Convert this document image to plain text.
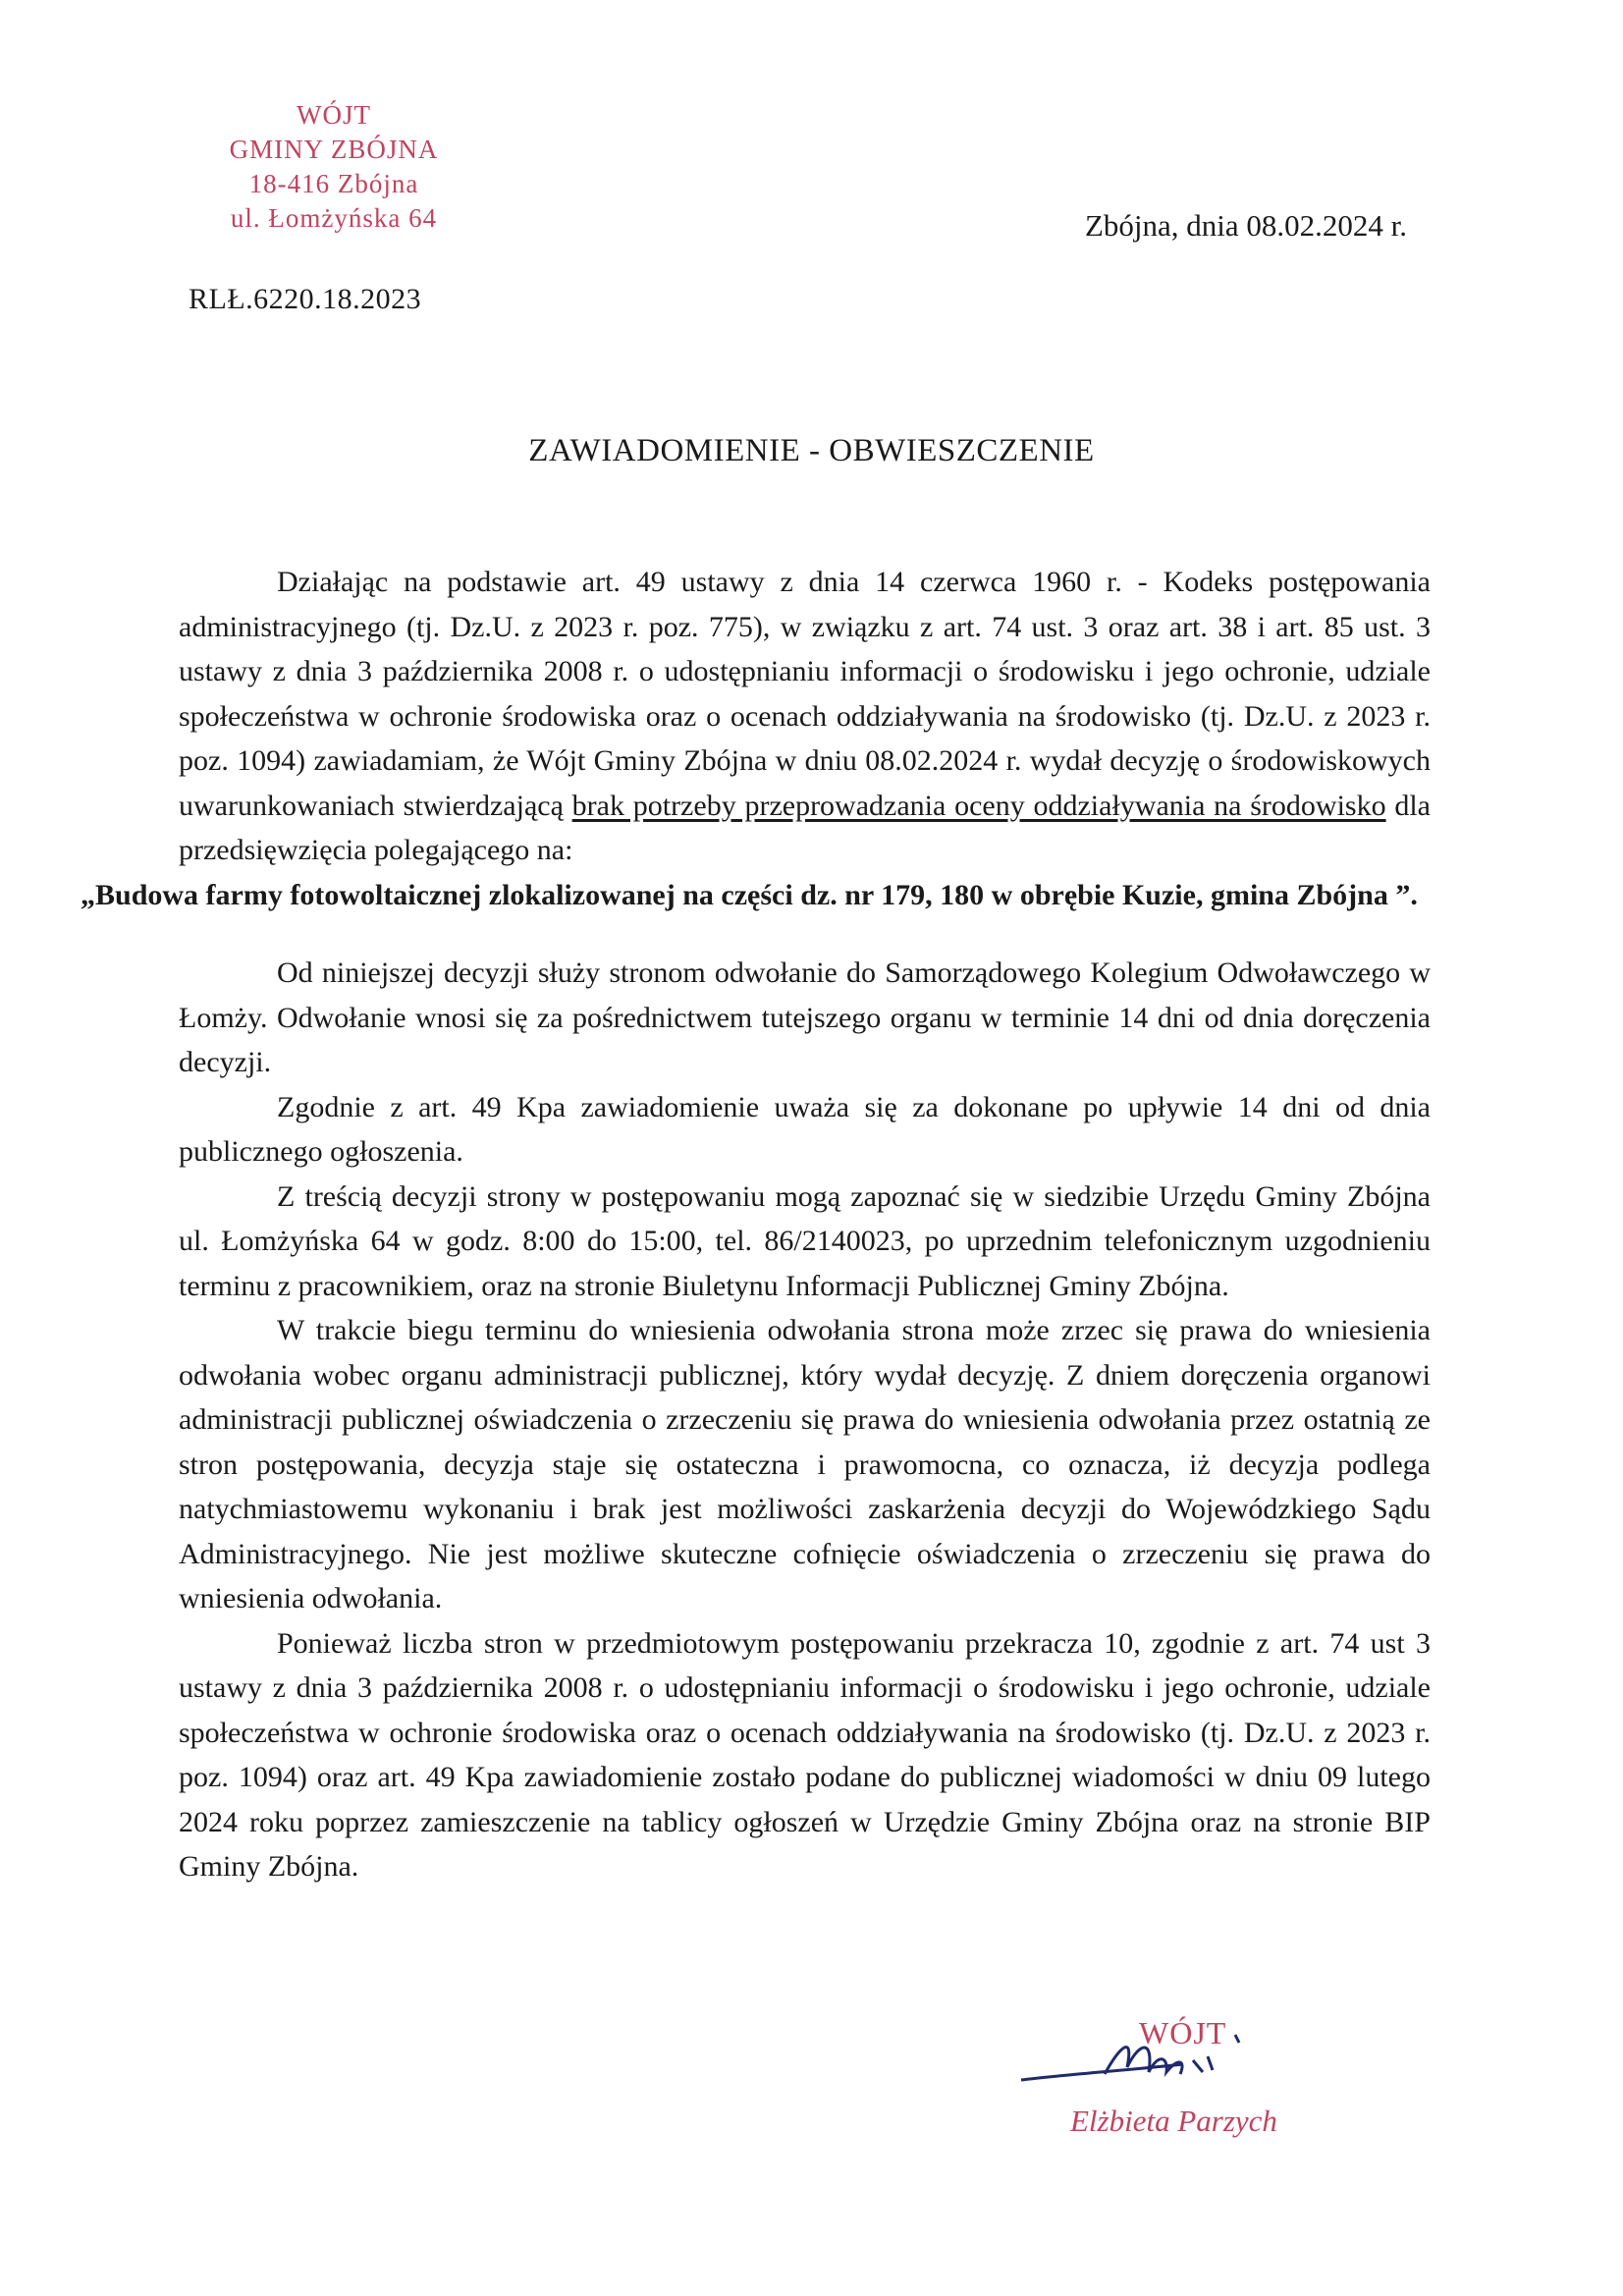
WÓJT
GMINY ZBÓJNA
18-416 Zbójna
ul. Łomżyńska 64	Zbójna, dnia 08.02.2024 r.
RLŁ.6220.18.2023
ZAWIADOMIENIE - OBWIESZCZENIE

Działając na podstawie art. 49 ustawy z dnia 14 czerwca 1960 r. - Kodeks postępowania administracyjnego (tj. Dz.U. z 2023 r. poz. 775), w związku z art. 74 ust. 3 oraz art. 38 i art. 85 ust. 3 ustawy z dnia 3 października 2008 r. o udostępnianiu informacji o środowisku i jego ochronie, udziale społeczeństwa w ochronie środowiska oraz o ocenach oddziaływania na środowisko (tj. Dz.U. z 2023 r. poz. 1094) zawiadamiam, że Wójt Gminy Zbójna w dniu 08.02.2024 r. wydał decyzję o środowiskowych uwarunkowaniach stwierdzającą brak potrzeby przeprowadzania oceny oddziaływania na środowisko dla przedsięwzięcia polegającego na:
„Budowa farmy fotowoltaicznej zlokalizowanej na części dz. nr 179, 180 w obrębie Kuzie, gmina Zbójna ”.

Od niniejszej decyzji służy stronom odwołanie do Samorządowego Kolegium Odwoławczego w Łomży. Odwołanie wnosi się za pośrednictwem tutejszego organu w terminie 14 dni od dnia doręczenia decyzji.

Zgodnie z art. 49 Kpa zawiadomienie uważa się za dokonane po upływie 14 dni od dnia publicznego ogłoszenia.

Z treścią decyzji strony w postępowaniu mogą zapoznać się w siedzibie Urzędu Gminy Zbójna ul. Łomżyńska 64 w godz. 8:00 do 15:00, tel. 86/2140023, po uprzednim telefonicznym uzgodnieniu terminu z pracownikiem, oraz na stronie Biuletynu Informacji Publicznej Gminy Zbójna.

W trakcie biegu terminu do wniesienia odwołania strona może zrzec się prawa do wniesienia odwołania wobec organu administracji publicznej, który wydał decyzję. Z dniem doręczenia organowi administracji publicznej oświadczenia o zrzeczeniu się prawa do wniesienia odwołania przez ostatnią ze stron postępowania, decyzja staje się ostateczna i prawomocna, co oznacza, iż decyzja podlega natychmiastowemu wykonaniu i brak jest możliwości zaskarżenia decyzji do Wojewódzkiego Sądu Administracyjnego. Nie jest możliwe skuteczne cofnięcie oświadczenia o zrzeczeniu się prawa do wniesienia odwołania.

Ponieważ liczba stron w przedmiotowym postępowaniu przekracza 10, zgodnie z art. 74 ust 3 ustawy z dnia 3 października 2008 r. o udostępnianiu informacji o środowisku i jego ochronie, udziale społeczeństwa w ochronie środowiska oraz o ocenach oddziaływania na środowisko (tj. Dz.U. z 2023 r. poz. 1094) oraz art. 49 Kpa zawiadomienie zostało podane do publicznej wiadomości w dniu 09 lutego 2024 roku poprzez zamieszczenie na tablicy ogłoszeń w Urzędzie Gminy Zbójna oraz na stronie BIP Gminy Zbójna.

WÓJT
Elżbieta Parzych
